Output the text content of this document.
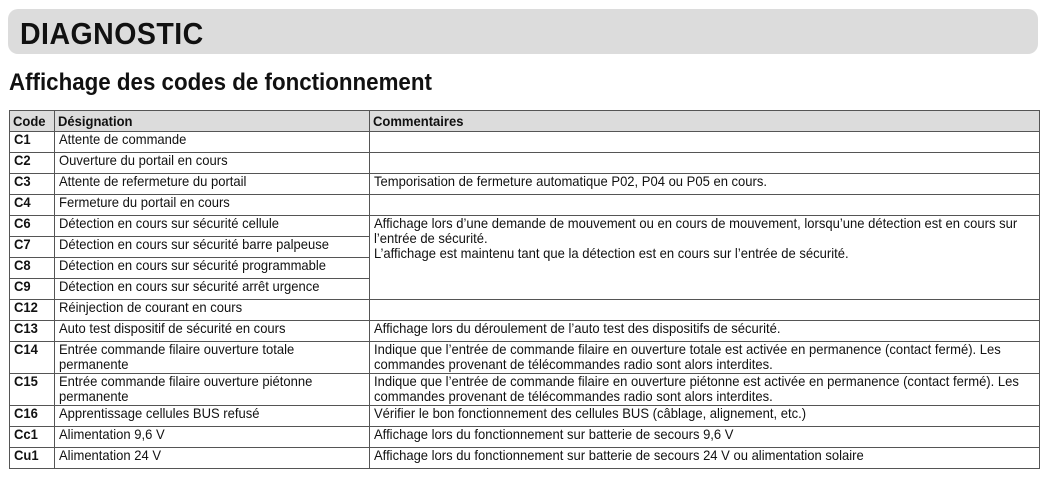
DIAGNOSTIC
Affichage des codes de fonctionnement
Code	Désignation	Commentaires
C1	Attente de commande	
C2	Ouverture du portail en cours	
C3	Attente de refermeture du portail	Temporisation de fermeture automatique P02, P04 ou P05 en cours.
C4	Fermeture du portail en cours	
C6	Détection en cours sur sécurité cellule	Affichage lors d’une demande de mouvement ou en cours de mouvement, lorsqu’une détection est en cours sur l’entrée de sécurité.
L’affichage est maintenu tant que la détection est en cours sur l’entrée de sécurité.

C7	Détection en cours sur sécurité barre palpeuse	
C8	Détection en cours sur sécurité programmable	
C9	Détection en cours sur sécurité arrêt urgence	
C12	Réinjection de courant en cours	
C13	Auto test dispositif de sécurité en cours	Affichage lors du déroulement de l’auto test des dispositifs de sécurité.
C14	Entrée commande filaire ouverture totale permanente	Indique que l’entrée de commande filaire en ouverture totale est activée en permanence (contact fermé). Les commandes provenant de télécommandes radio sont alors interdites.

C15	Entrée commande filaire ouverture piétonne permanente	Indique que l’entrée de commande filaire en ouverture piétonne est activée en permanence (contact fermé). Les commandes provenant de télécommandes radio sont alors interdites.

C16	Apprentissage cellules BUS refusé	Vérifier le bon fonctionnement des cellules BUS (câblage, alignement, etc.)
Cc1	Alimentation 9,6 V	Affichage lors du fonctionnement sur batterie de secours 9,6 V
Cu1	Alimentation 24 V	Affichage lors du fonctionnement sur batterie de secours 24 V ou alimentation solaire
